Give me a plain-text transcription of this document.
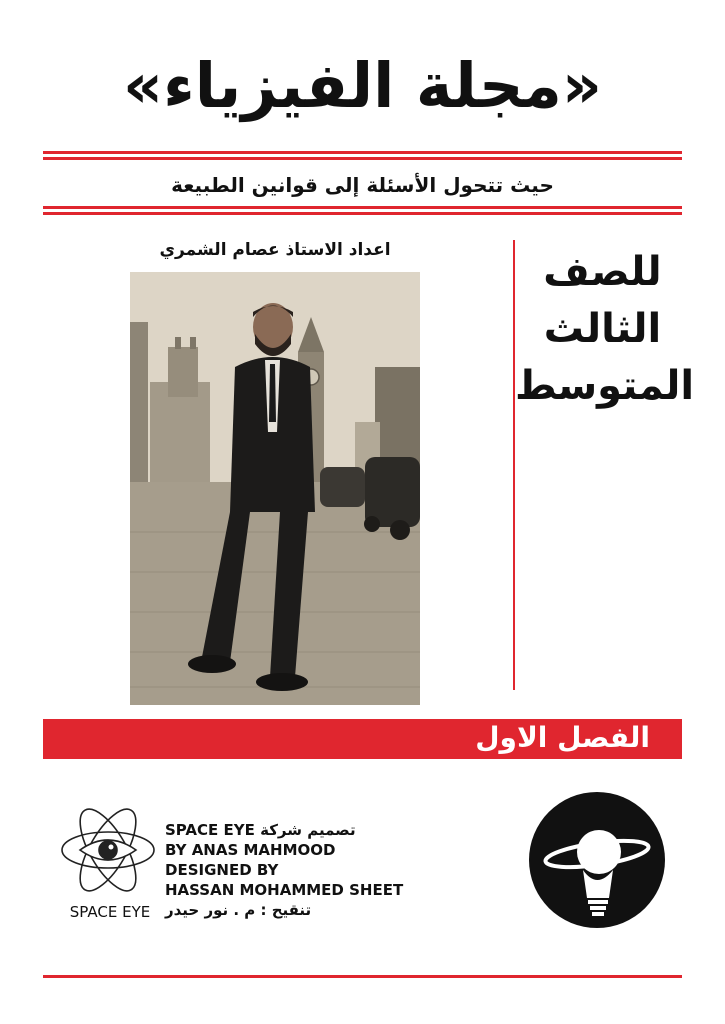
«مجلة الفيزياء»
حيث تتحول الأسئلة إلى قوانين الطبيعة
اعداد الاستاذ عصام الشمري	للصف
الثالث
المتوسط
الفصل الاول
SPACE EYE
SPACE EYE تصميم شركة
BY ANAS MAHMOOD
DESIGNED BY
HASSAN MOHAMMED SHEET
تنقيح : م . نور حيدر
